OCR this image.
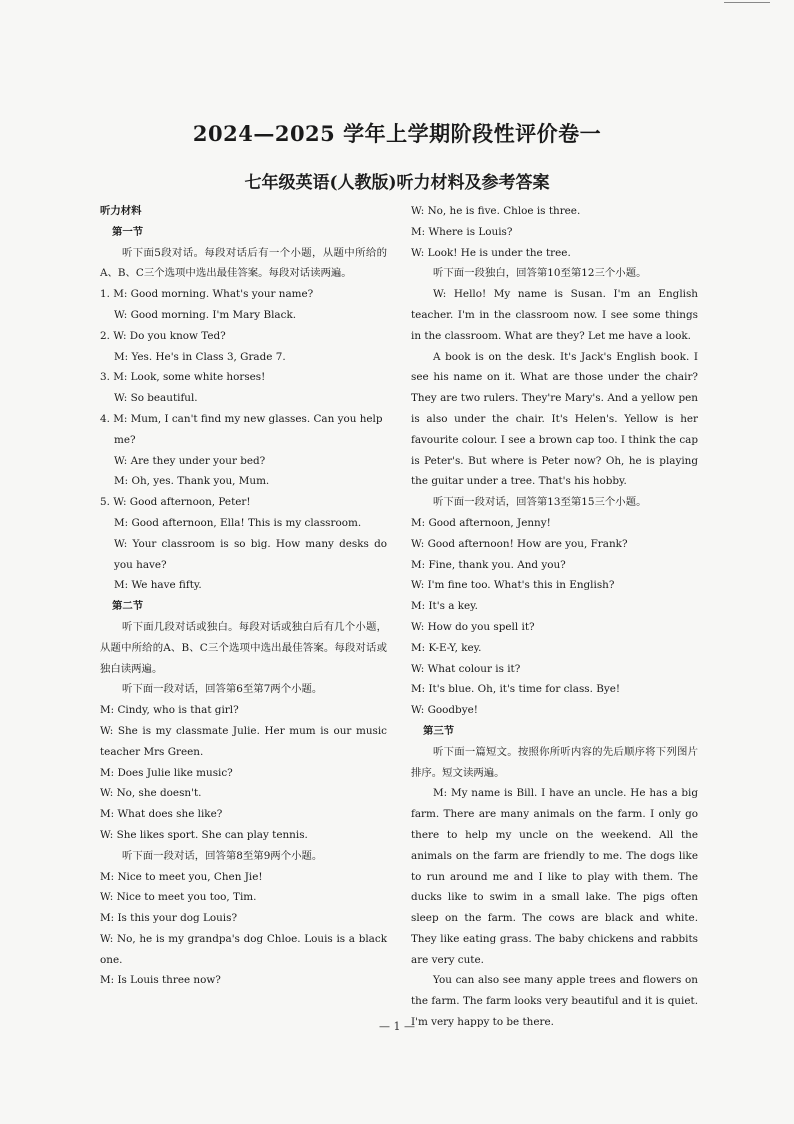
2024—2025 学年上学期阶段性评价卷一
七年级英语(人教版)听力材料及参考答案
听力材料
第一节
听下面5段对话。每段对话后有一个小题，从题中所给的A、B、C三个选项中选出最佳答案。每段对话读两遍。
1. M: Good morning. What's your name?
W: Good morning. I'm Mary Black.
2. W: Do you know Ted?
M: Yes. He's in Class 3, Grade 7.
3. M: Look, some white horses!
W: So beautiful.
4. M: Mum, I can't find my new glasses. Can you help me?
W: Are they under your bed?
M: Oh, yes. Thank you, Mum.
5. W: Good afternoon, Peter!
M: Good afternoon, Ella! This is my classroom.
W: Your classroom is so big. How many desks do you have?
M: We have fifty.
第二节
听下面几段对话或独白。每段对话或独白后有几个小题，从题中所给的A、B、C三个选项中选出最佳答案。每段对话或独白读两遍。
听下面一段对话，回答第6至第7两个小题。
M: Cindy, who is that girl?
W: She is my classmate Julie. Her mum is our music teacher Mrs Green.
M: Does Julie like music?
W: No, she doesn't.
M: What does she like?
W: She likes sport. She can play tennis.
听下面一段对话，回答第8至第9两个小题。
M: Nice to meet you, Chen Jie!
W: Nice to meet you too, Tim.
M: Is this your dog Louis?
W: No, he is my grandpa's dog Chloe. Louis is a black one.
M: Is Louis three now?
W: No, he is five. Chloe is three.
M: Where is Louis?
W: Look! He is under the tree.
听下面一段独白，回答第10至第12三个小题。
W: Hello! My name is Susan. I'm an English teacher. I'm in the classroom now. I see some things in the classroom. What are they? Let me have a look.
A book is on the desk. It's Jack's English book. I see his name on it. What are those under the chair? They are two rulers. They're Mary's. And a yellow pen is also under the chair. It's Helen's. Yellow is her favourite colour. I see a brown cap too. I think the cap is Peter's. But where is Peter now? Oh, he is playing the guitar under a tree. That's his hobby.
听下面一段对话，回答第13至第15三个小题。
M: Good afternoon, Jenny!
W: Good afternoon! How are you, Frank?
M: Fine, thank you. And you?
W: I'm fine too. What's this in English?
M: It's a key.
W: How do you spell it?
M: K-E-Y, key.
W: What colour is it?
M: It's blue. Oh, it's time for class. Bye!
W: Goodbye!
第三节
听下面一篇短文。按照你所听内容的先后顺序将下列图片排序。短文读两遍。
M: My name is Bill. I have an uncle. He has a big farm. There are many animals on the farm. I only go there to help my uncle on the weekend. All the animals on the farm are friendly to me. The dogs like to run around me and I like to play with them. The ducks like to swim in a small lake. The pigs often sleep on the farm. The cows are black and white. They like eating grass. The baby chickens and rabbits are very cute.
You can also see many apple trees and flowers on the farm. The farm looks very beautiful and it is quiet. I'm very happy to be there.
— 1 —
